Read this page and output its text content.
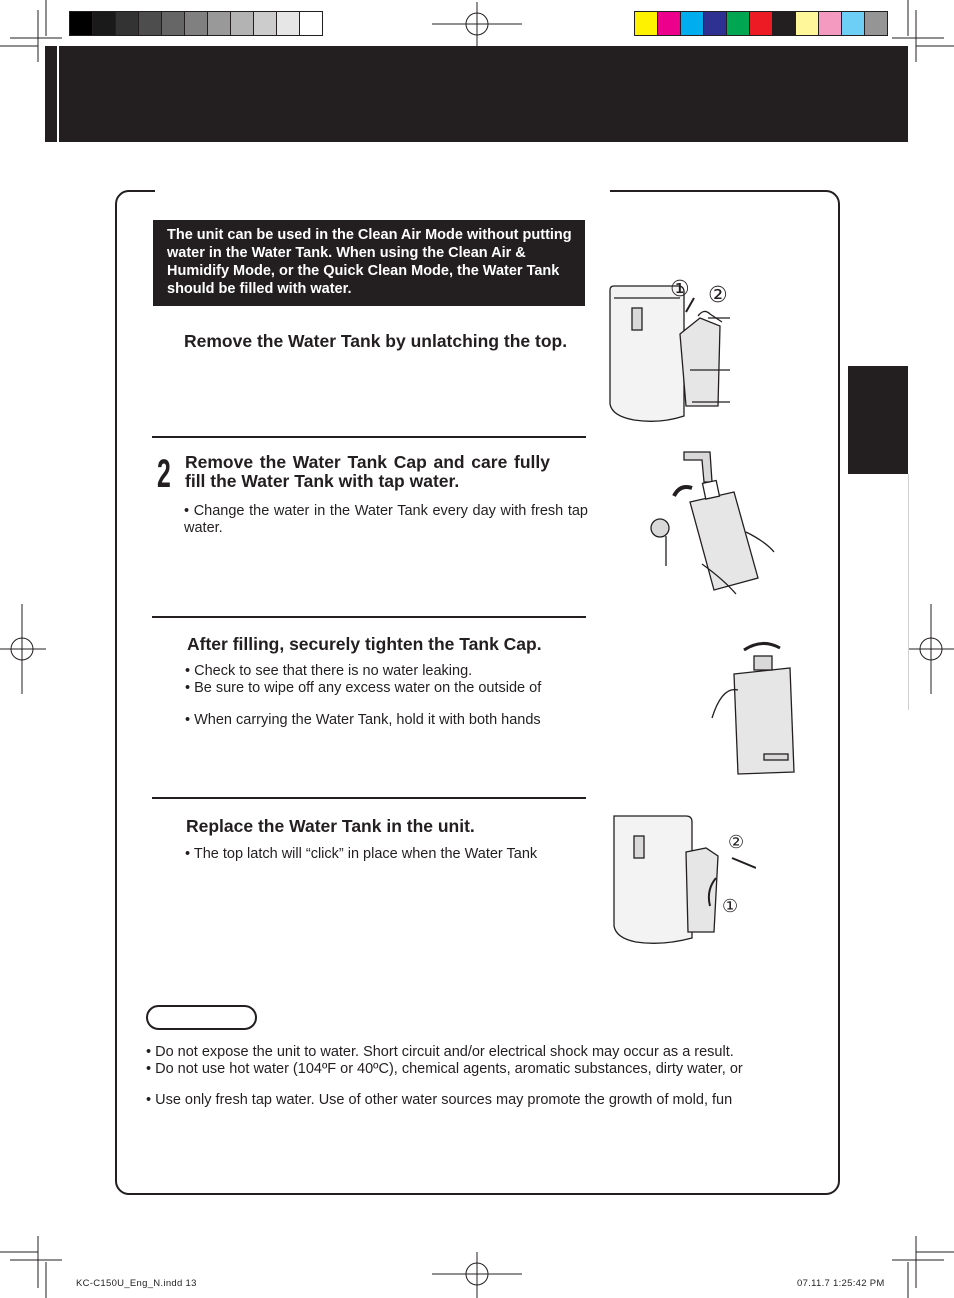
The unit can be used in the Clean Air Mode without putting water in the Water Tank. When using the Clean Air & Humidify Mode, or the Quick Clean Mode, the Water Tank should be filled with water.
Remove the Water Tank by unlatching the top.
2 Remove the Water Tank Cap and care fully fill the Water Tank with tap water.
• Change the water in the Water Tank every day with fresh tap water.
After filling, securely tighten the Tank Cap.
• Check to see that there is no water leaking.
• Be sure to wipe off any excess water on the outside of
• When carrying the Water Tank, hold it with both hands
Replace the Water Tank in the unit.
• The top latch will “click” in place when the Water Tank
① ②
②
①
• Do not expose the unit to water. Short circuit and/or electrical shock may occur as a result.
• Do not use hot water (104ºF or 40ºC), chemical agents, aromatic substances, dirty water, or
• Use only fresh tap water. Use of other water sources may promote the growth of mold, fun
KC-C150U_Eng_N.indd 13	07.11.7 1:25:42 PM
